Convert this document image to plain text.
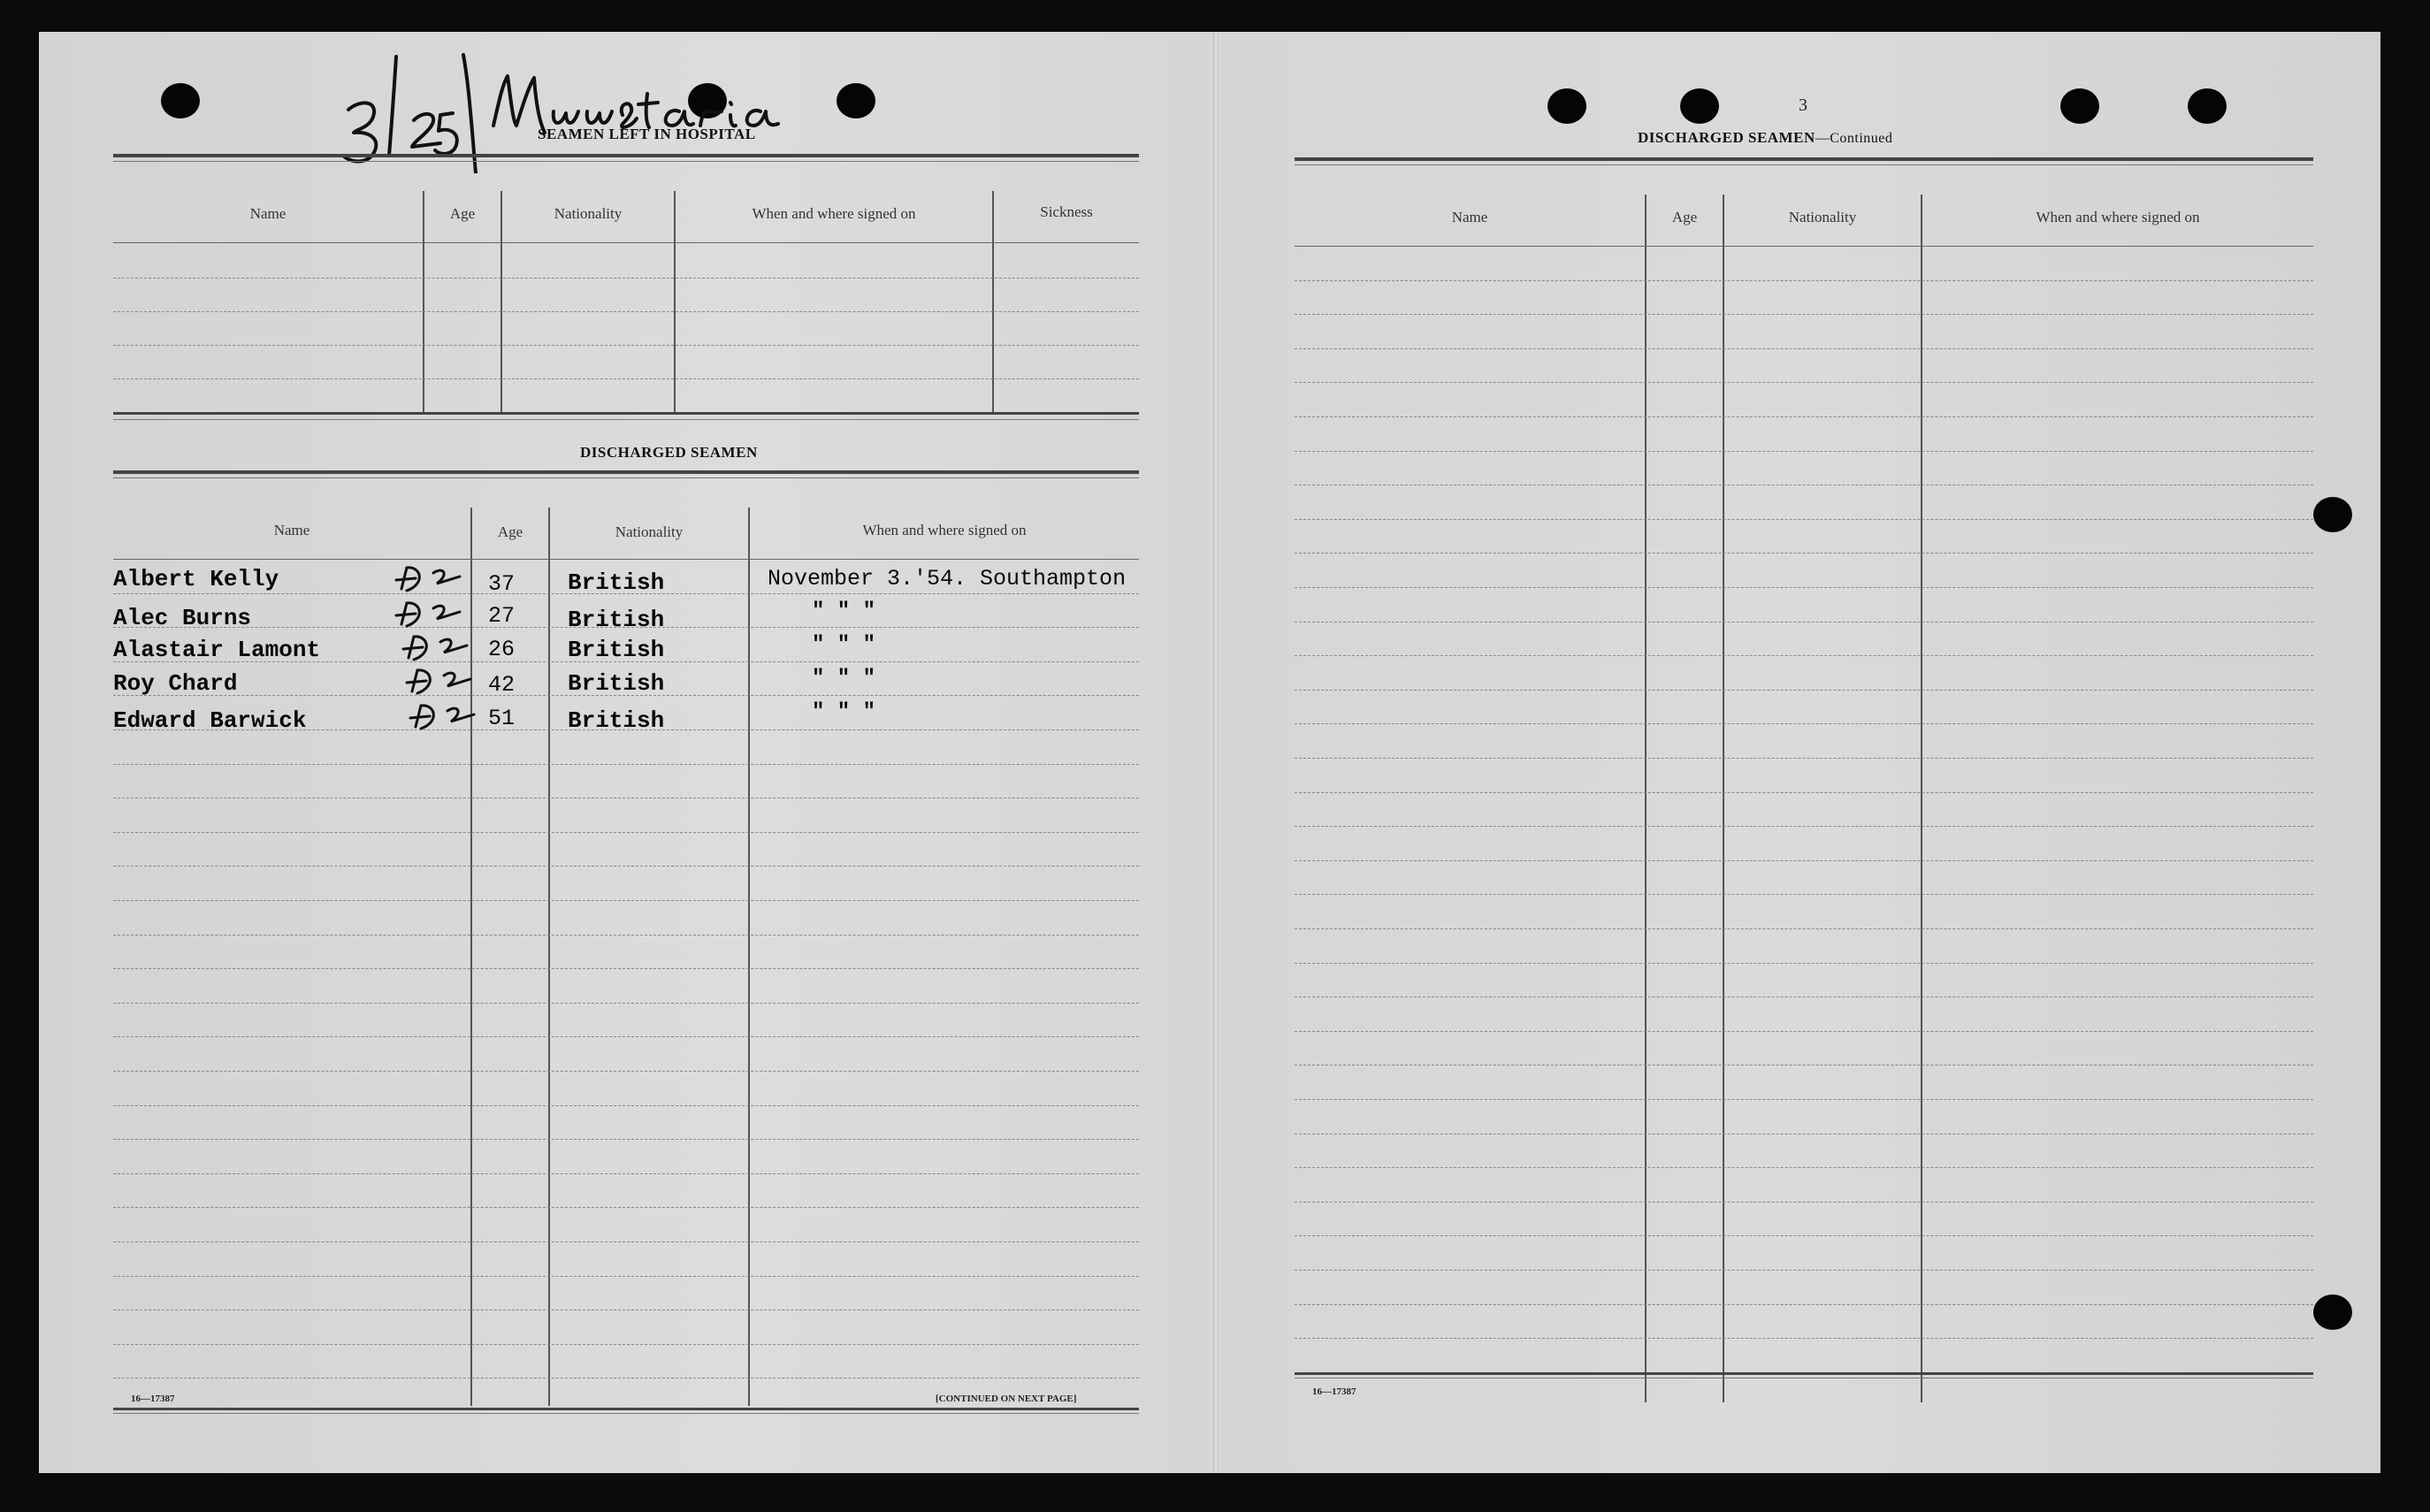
SEAMEN LEFT IN HOSPITAL
Name	Age	Nationality	When and where signed on	Sickness
DISCHARGED SEAMEN
Name	Age	Nationality	When and where signed on
Albert Kelly	37 British	November 3.'54. Southampton
Alec Burns	27 British	" " "
Alastair Lamont	26 British	" " "
Roy Chard	42 British	" " "
Edward Barwick	51 British	" " "
16—17387	[CONTINUED ON NEXT PAGE]
3
DISCHARGED SEAMEN—Continued
Name	Age	Nationality	When and where signed on
16—17387
